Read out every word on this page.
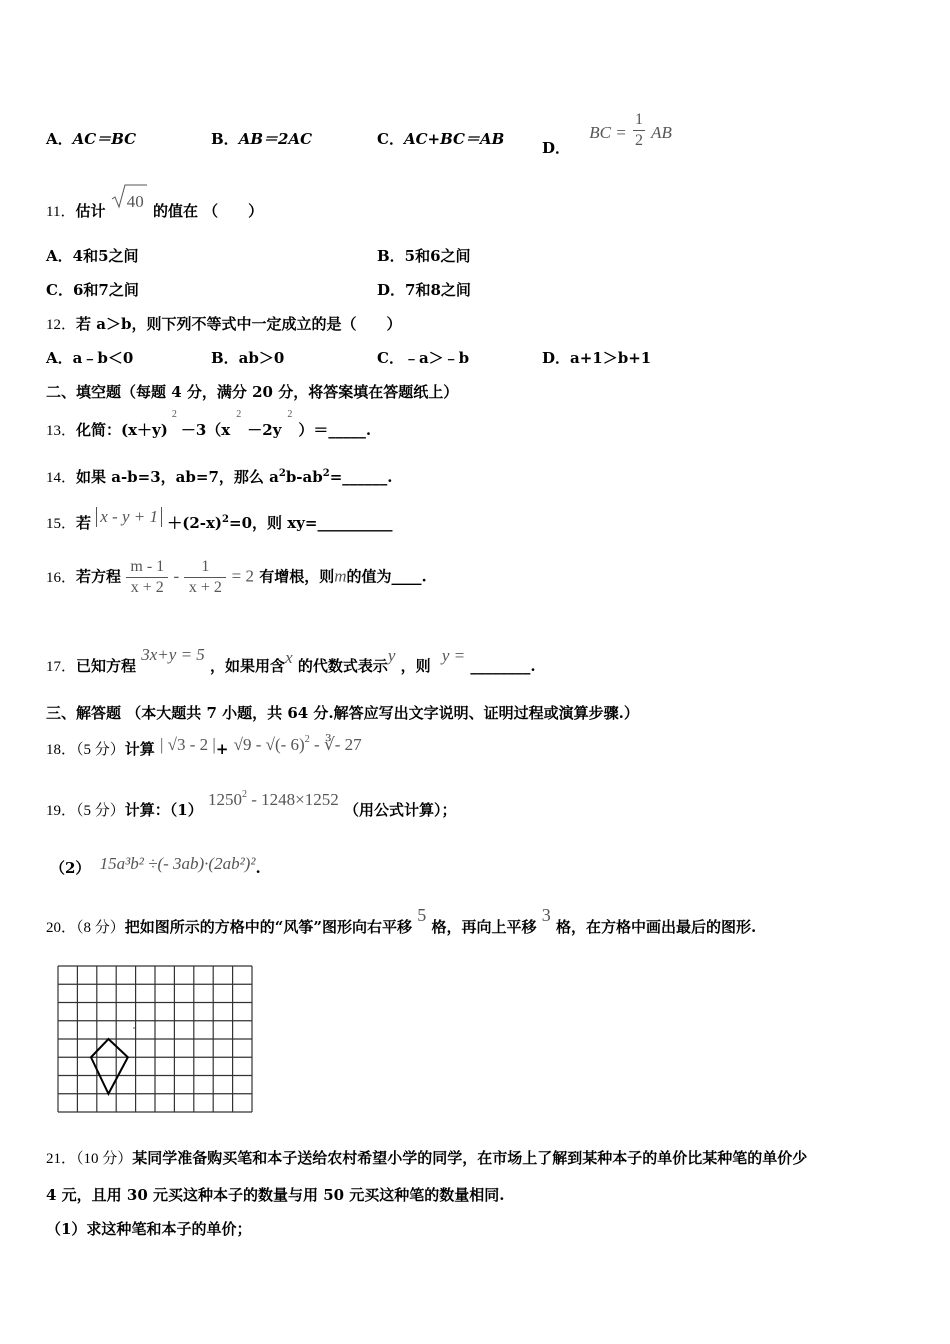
A．AC＝BC	B．AB＝2AC	C．AC+BC＝AB	D． BC = $\frac{1}{2}$ AB
11．估计 40 的值在 （　　）
A．4和5之间	B．5和6之间
C．6和7之间	D．7和8之间
12．若 a＞b，则下列不等式中一定成立的是（　　）
A．a﹣b＜0	B．ab＞0	C．﹣a＞﹣b	D．a+1＞b+1
二、填空题（每题 4 分，满分 20 分，将答案填在答题纸上）
13．化简：$(x+y)^2-3(x^2-2y^2)=\_\_\_\_\_$.
14．如果 a-b=3，ab=7，那么 $a^2b-ab^2=\_\_\_\_\_\_$.
15．若 $x - y + 1 +(2-x)^2=0$，则 xy=__________
16．若方程 $\frac{m - 1}{x + 2} - \frac{1}{x + 2} = 2$ 有增根，则m的值为____.
17．已知方程 3x+y = 5 ，如果用含x 的代数式表示y ，则 y = ________.
三、解答题 （本大题共 7 小题，共 64 分.解答应写出文字说明、证明过程或演算步骤.）
18．（5 分）计算 | √3 - 2 |+ √9 - √(- 6)$^2$ - ∛- 27
19．（5 分）计算：（1） 1250$^2$ - 1248×1252 （用公式计算）；
（2） 15a³b² ÷(- 3ab)·(2ab²)².
20．（8 分）把如图所示的方格中的“风筝”图形向右平移 5 格，再向上平移 3 格，在方格中画出最后的图形.
21．（10 分）某同学准备购买笔和本子送给农村希望小学的同学，在市场上了解到某种本子的单价比某种笔的单价少
4 元，且用 30 元买这种本子的数量与用 50 元买这种笔的数量相同.
（1）求这种笔和本子的单价；
